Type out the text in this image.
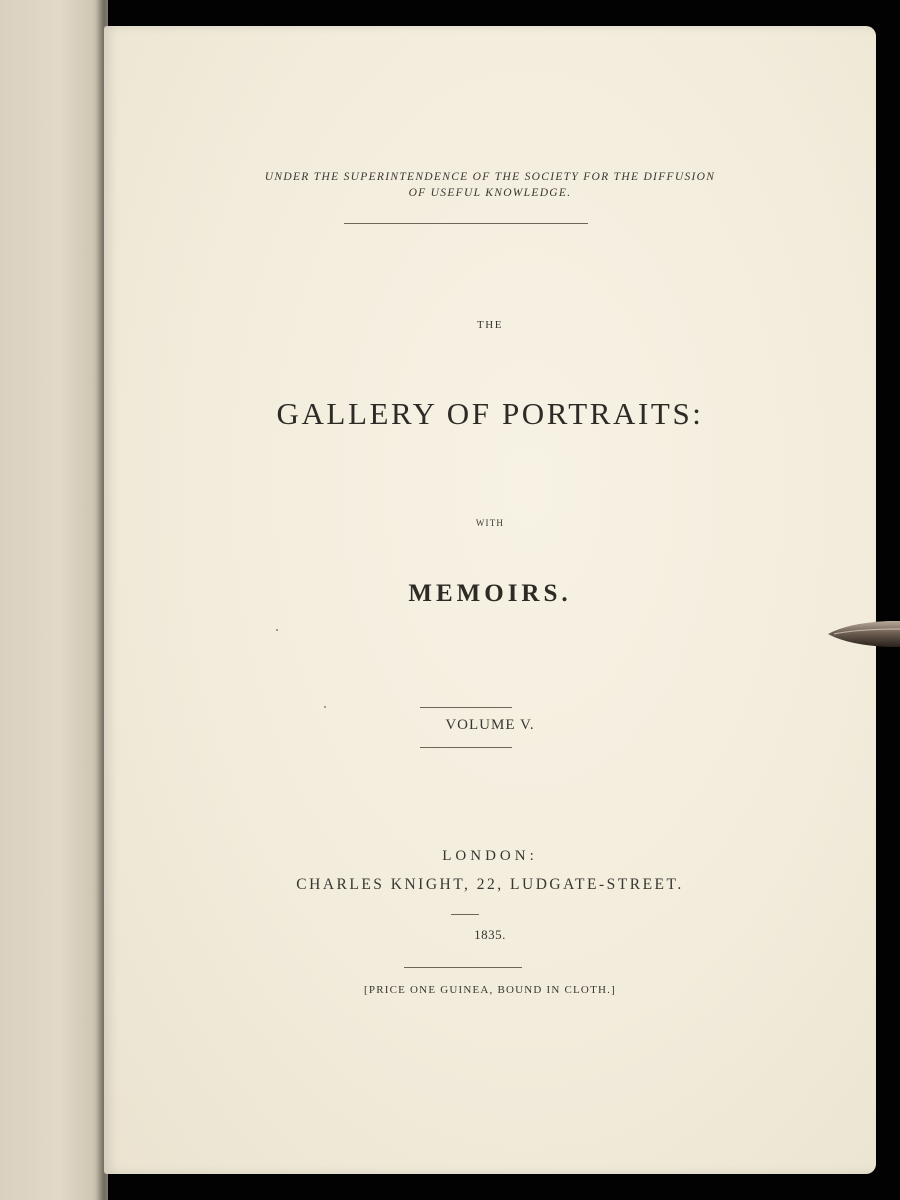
UNDER THE SUPERINTENDENCE OF THE SOCIETY FOR THE DIFFUSION OF USEFUL KNOWLEDGE.
THE
GALLERY OF PORTRAITS:
WITH
MEMOIRS.
VOLUME V.
LONDON:
CHARLES KNIGHT, 22, LUDGATE-STREET.
1835.
[PRICE ONE GUINEA, BOUND IN CLOTH.]
